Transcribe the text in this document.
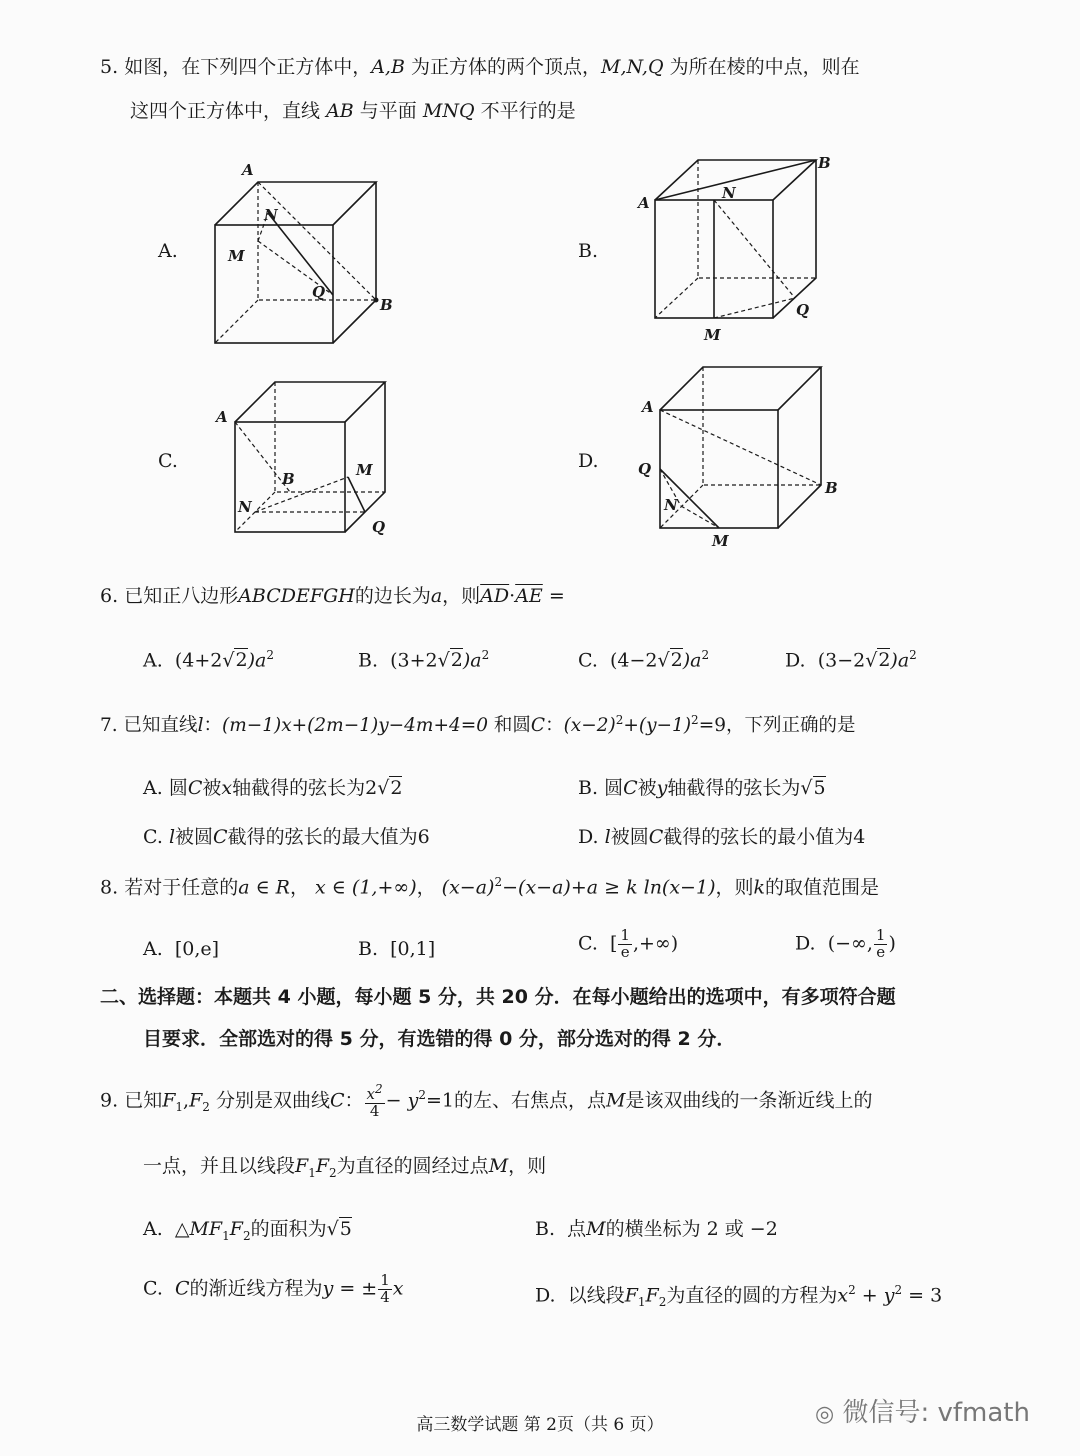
5. 如图，在下列四个正方体中，A,B 为正方体的两个顶点，M,N,Q 为所在棱的中点，则在
这四个正方体中，直线 AB 与平面 MNQ 不平行的是
A.	B.
C.	D.
A
N
M
Q
B
A
N
B
Q
M
A
B	M
N
Q
A
Q
N
B
M
6. 已知正八边形ABCDEFGH的边长为a，则$\overline{AD}\cdot\overline{AE}$ =
A. $(4+2√2)a^2$	B. $(3+2√2)a^2$	C. $(4-2√2)a^2$	D. $(3-2√2)a^2$
7. 已知直线l：(m−1)x+(2m−1)y−4m+4=0 和圆C：$(x-2)^2+(y-1)^2=9$，下列正确的是
A. 圆C被x轴截得的弦长为2√2	B. 圆C被y轴截得的弦长为√5
C. l被圆C截得的弦长的最大值为6	D. l被圆C截得的弦长的最小值为4
8. 若对于任意的a ∈ R， x ∈ (1,+∞)， $(x-a)^2-(x-a)+a \ge k$ ln(x−1)，则k的取值范围是
A. [0,e]	B. [0,1]	C. [ $\frac{1}{e}$ ,+∞)	D. (−∞, $\frac{1}{e}$ )
二、选择题：本题共 4 小题，每小题 5 分，共 20 分．在每小题给出的选项中，有多项符合题
目要求．全部选对的得 5 分，有选错的得 0 分，部分选对的得 2 分．
9. 已知$F_1,F_2$ 分别是双曲线C： $\frac{x^2}{4} - y^2=1$的左、右焦点，点M是该双曲线的一条渐近线上的
一点，并且以线段$F_1F_2$为直径的圆经过点M，则
A. $\triangle MF_1F_2$的面积为√5	B. 点M的横坐标为 2 或 −2
C. C的渐近线方程为y = ± $\frac{1}{4}$ x	D. 以线段$F_1F_2$为直径的圆的方程为$x^2 + y^2 = 3$
高三数学试题 第 2页（共 6 页）	◎ 微信号: vfmath
